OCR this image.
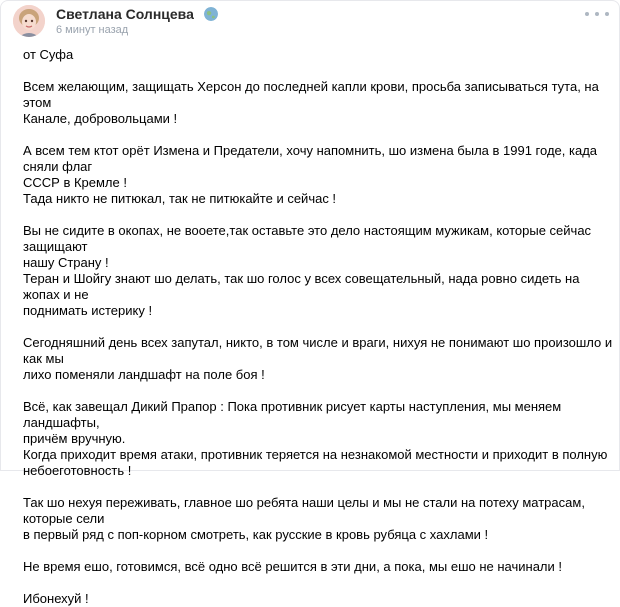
Светлана Солнцева
6 минут назад

от Суфа

Всем желающим, защищать Херсон до последней капли крови, просьба записываться тута, на этом
Канале, добровольцами !

А всем тем ктот орёт Измена и Предатели, хочу напомнить, шо измена была в 1991 годе, када сняли флаг
СССР в Кремле !
Тада никто не питюкал, так не питюкайте и сейчас !

Вы не сидите в окопах, не вооете,так оставьте это дело настоящим мужикам, которые сейчас защищают
нашу Страну !
Теран и Шойгу знают шо делать, так шо голос у всех совещательный, нада ровно сидеть на жопах и не
поднимать истерику !

Сегодняшний день всех запутал, никто, в том числе и враги, нихуя не понимают шо произошло и как мы
лихо поменяли ландшафт на поле боя !

Всё, как завещал Дикий Прапор : Пока противник рисует карты наступления, мы меняем ландшафты,
причём вручную.
Когда приходит время атаки, противник теряется на незнакомой местности и приходит в полную
небоеготовность !

Так шо нехуя переживать, главное шо ребята наши целы и мы не стали на потеху матрасам, которые сели
в первый ряд с поп-корном смотреть, как русские в кровь рубяца с хахлами !

Не время ешо, готовимся, всё одно всё решится в эти дни, а пока, мы ешо не начинали !

Ибонехуй !
